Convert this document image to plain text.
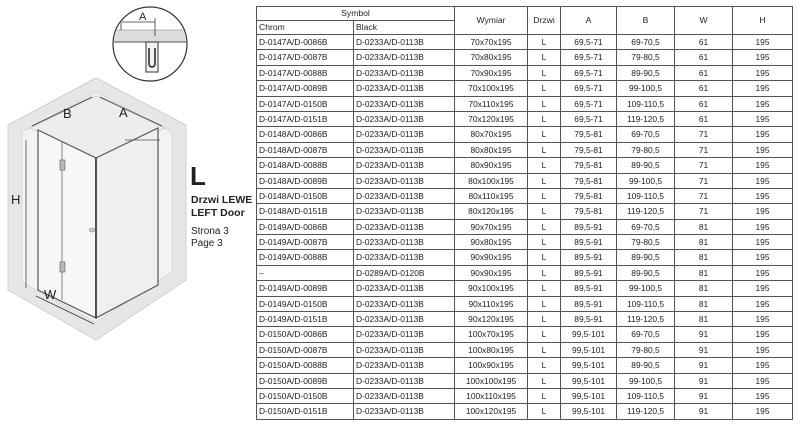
A
B	A
H
W
L
Drzwi LEWE
LEFT Door
Strona 3
Page 3
Symbol		Wymiar	Drzwi	A	B	W	H
Chrom	Black						
D-0147A/D-0086B	D-0233A/D-0113B	70x70x195	L	69,5-71	69-70,5	61	195
D-0147A/D-0087B	D-0233A/D-0113B	70x80x195	L	69,5-71	79-80,5	61	195
D-0147A/D-0088B	D-0233A/D-0113B	70x90x195	L	69,5-71	89-90,5	61	195
D-0147A/D-0089B	D-0233A/D-0113B	70x100x195	L	69,5-71	99-100,5	61	195
D-0147A/D-0150B	D-0233A/D-0113B	70x110x195	L	69,5-71	109-110,5	61	195
D-0147A/D-0151B	D-0233A/D-0113B	70x120x195	L	69,5-71	119-120,5	61	195
D-0148A/D-0086B	D-0233A/D-0113B	80x70x195	L	79,5-81	69-70,5	71	195
D-0148A/D-0087B	D-0233A/D-0113B	80x80x195	L	79,5-81	79-80,5	71	195
D-0148A/D-0088B	D-0233A/D-0113B	80x90x195	L	79,5-81	89-90,5	71	195
D-0148A/D-0089B	D-0233A/D-0113B	80x100x195	L	79,5-81	99-100,5	71	195
D-0148A/D-0150B	D-0233A/D-0113B	80x110x195	L	79,5-81	109-110,5	71	195
D-0148A/D-0151B	D-0233A/D-0113B	80x120x195	L	79,5-81	119-120,5	71	195
D-0149A/D-0086B	D-0233A/D-0113B	90x70x195	L	89,5-91	69-70,5	81	195
D-0149A/D-0087B	D-0233A/D-0113B	90x80x195	L	89,5-91	79-80,5	81	195
D-0149A/D-0088B	D-0233A/D-0113B	90x90x195	L	89,5-91	89-90,5	81	195
–	D-0289A/D-0120B	90x90x195	L	89,5-91	89-90,5	81	195
D-0149A/D-0089B	D-0233A/D-0113B	90x100x195	L	89,5-91	99-100,5	81	195
D-0149A/D-0150B	D-0233A/D-0113B	90x110x195	L	89,5-91	109-110,5	81	195
D-0149A/D-0151B	D-0233A/D-0113B	90x120x195	L	89,5-91	119-120,5	81	195
D-0150A/D-0086B	D-0233A/D-0113B	100x70x195	L	99,5-101	69-70,5	91	195
D-0150A/D-0087B	D-0233A/D-0113B	100x80x195	L	99,5-101	79-80,5	91	195
D-0150A/D-0088B	D-0233A/D-0113B	100x90x195	L	99,5-101	89-90,5	91	195
D-0150A/D-0089B	D-0233A/D-0113B	100x100x195	L	99,5-101	99-100,5	91	195
D-0150A/D-0150B	D-0233A/D-0113B	100x110x195	L	99,5-101	109-110,5	91	195
D-0150A/D-0151B	D-0233A/D-0113B	100x120x195	L	99,5-101	119-120,5	91	195
